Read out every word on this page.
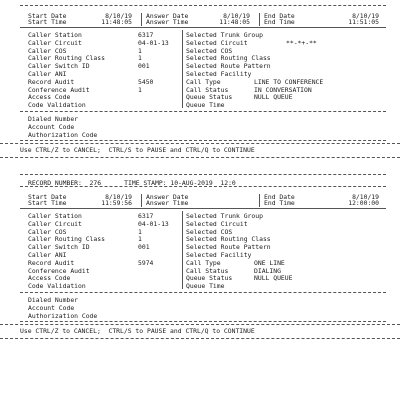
Start Date	8/10/19
Start Time	11:48:05
Answer Date	8/10/19
Answer Time	11:48:05
End Date	8/10/19
End Time	11:51:05
Caller Station	6317
Caller Circuit	04-01-13
Caller COS	1
Caller Routing Class	1
Caller Switch ID	001
Caller ANI
Record Audit	5450
Conference Audit	1
Access Code
Code Validation
Selected Trunk Group
Selected Circuit	**-*+-**
Selected COS
Selected Routing Class
Selected Route Pattern
Selected Facility
Call Type	LINE TO CONFERENCE
Call Status	IN CONVERSATION
Queue Status	NULL QUEUE
Queue Time
Dialed Number
Account Code
Authorization Code
Use CTRL/Z to CANCEL;  CTRL/S to PAUSE and CTRL/Q to CONTINUE
RECORD NUMBER:  276      TIME STAMP: 10-AUG-2019  12:0
Start Date	8/10/19
Start Time	11:59:56
Answer Date
Answer Time
End Date	8/10/19
End Time	12:00:00
Caller Station	6317
Caller Circuit	04-01-13
Caller COS	1
Caller Routing Class	1
Caller Switch ID	001
Caller ANI
Record Audit	5974
Conference Audit
Access Code
Code Validation
Selected Trunk Group
Selected Circuit
Selected COS
Selected Routing Class
Selected Route Pattern
Selected Facility
Call Type	ONE LINE
Call Status	DIALING
Queue Status	NULL QUEUE
Queue Time
Dialed Number
Account Code
Authorization Code
Use CTRL/Z to CANCEL;  CTRL/S to PAUSE and CTRL/Q to CONTINUE
